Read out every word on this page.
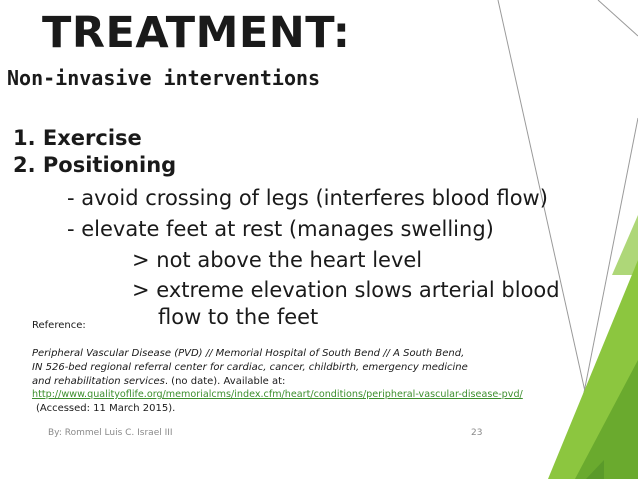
TREATMENT:
Non-invasive interventions
1. Exercise
2. Positioning
- avoid crossing of legs (interferes blood flow)
- elevate feet at rest (manages swelling)
> not above the heart level
> extreme elevation slows arterial blood
flow to the feet
Reference:
Peripheral Vascular Disease (PVD) // Memorial Hospital of South Bend // A South Bend,
IN 526-bed regional referral center for cardiac, cancer, childbirth, emergency medicine
and rehabilitation services. (no date). Available at:
http://www.qualityoflife.org/memorialcms/index.cfm/heart/conditions/peripheral-vascular-disease-pvd/
(Accessed: 11 March 2015).
By: Rommel Luis C. Israel III	23
